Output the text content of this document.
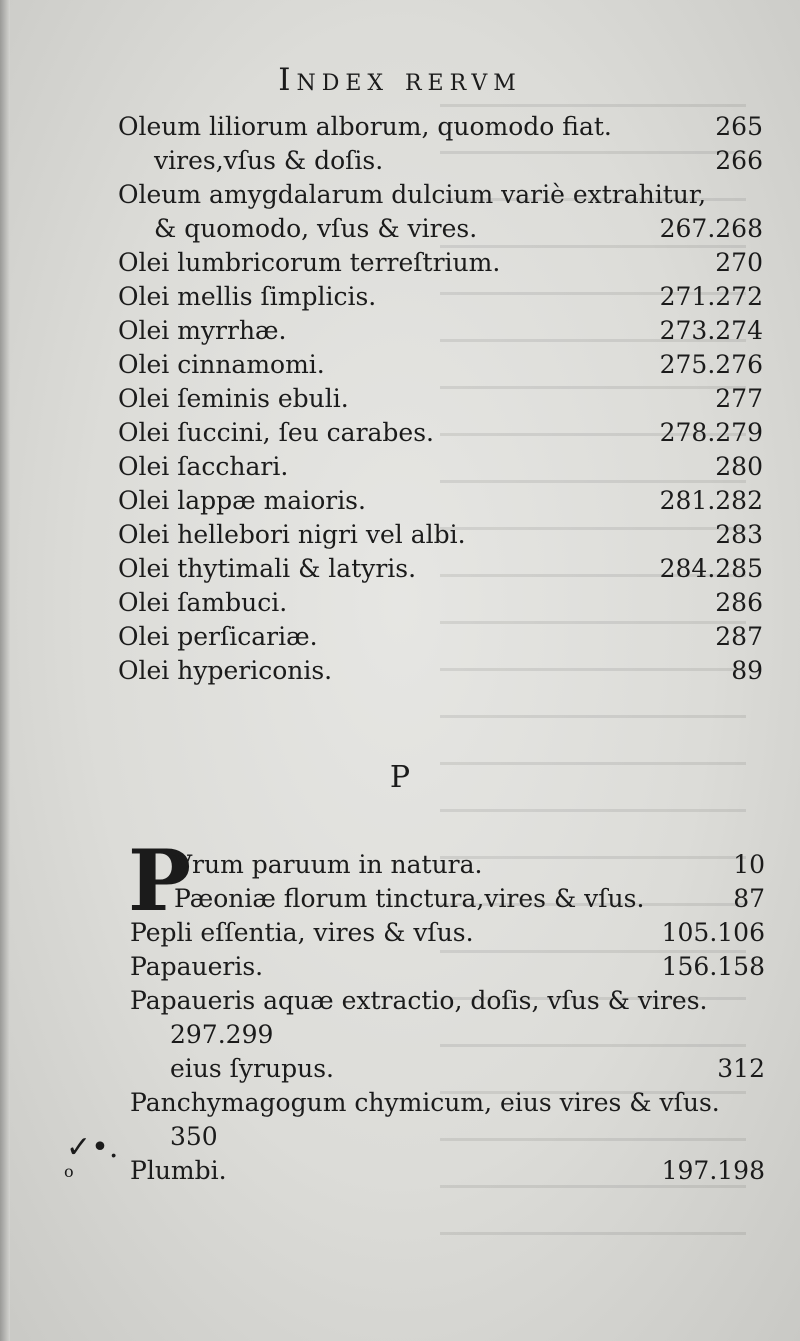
Index rervm
Oleum liliorum alborum, quomodo fiat.	265
vires,vſus & doſis.	266
Oleum amygdalarum dulcium variè extrahitur,
& quomodo, vſus & vires.	267.268
Olei lumbricorum terreſtrium.	270
Olei mellis ſimplicis.	271.272
Olei myrrhæ.	273.274
Olei cinnamomi.	275.276
Olei ſeminis ebuli.	277
Olei ſuccini, ſeu carabes.	278.279
Olei ſacchari.	280
Olei lappæ maioris.	281.282
Olei hellebori nigri vel albi.	283
Olei thytimali & latyris.	284.285
Olei ſambuci.	286
Olei perſicariæ.	287
Olei hypericonis.	89
P
P
Vrum paruum in natura.	10
Pæoniæ florum tinctura,vires & vſus.	87
Pepli eſſentia, vires & vſus.	105.106
Papaueris.	156.158
Papaueris aquæ extractio, doſis, vſus & vires.
297.299
eius ſyrupus.	312
Panchymagogum chymicum, eius vires & vſus.
350
Plumbi.	197.198
✓•.
o
